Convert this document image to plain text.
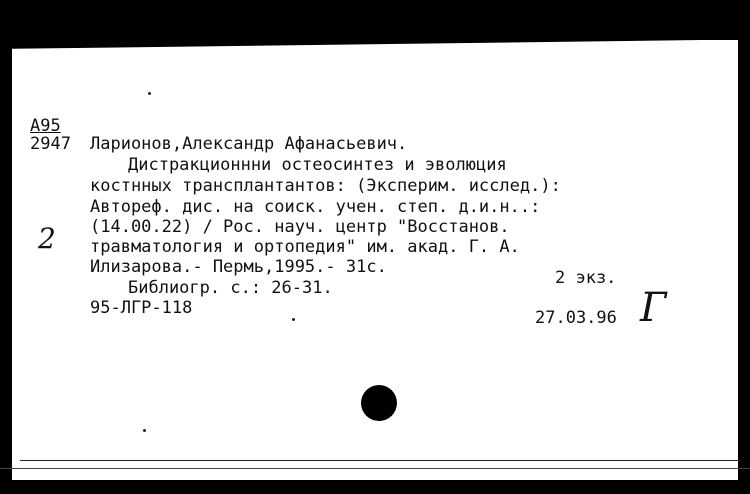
А95
2947 Ларионов,Александр Афанасьевич.
Дистракционнни остеосинтез и эволюция
костнных трансплантантов: (Эксперим. исслед.):
Автореф. дис. на соиск. учен. степ. д.и.н..:
(14.00.22) / Рос. науч. центр "Восстанов.
травматология и ортопедия" им. акад. Г. А.
Илизарова.- Пермь,1995.- 31с.
Библиогр. с.: 26-31.	2 экз.
95-ЛГР-118	27.03.96
2
Г
